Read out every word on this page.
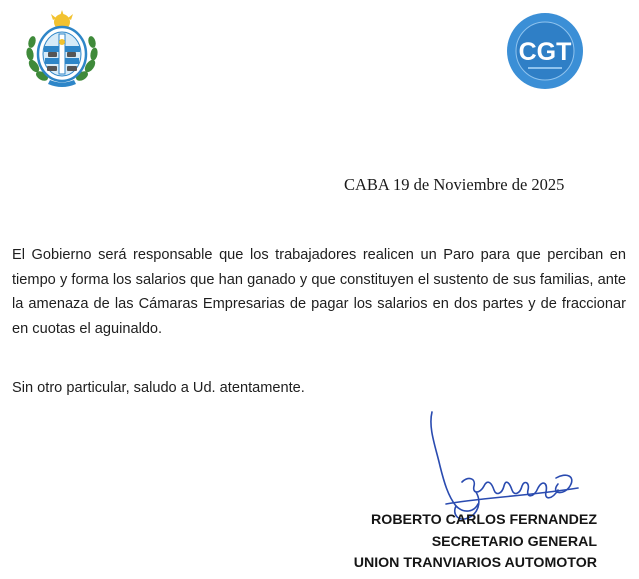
CGT
CABA 19 de Noviembre de 2025
El Gobierno será responsable que los trabajadores realicen un Paro para que perciban en tiempo y forma los salarios que han ganado y que constituyen el sustento de sus familias, ante la amenaza de las Cámaras Empresarias de pagar los salarios en dos partes y de fraccionar en cuotas el aguinaldo.
Sin otro particular, saludo a Ud. atentamente.
ROBERTO CARLOS FERNANDEZ
SECRETARIO GENERAL
UNION TRANVIARIOS AUTOMOTOR
